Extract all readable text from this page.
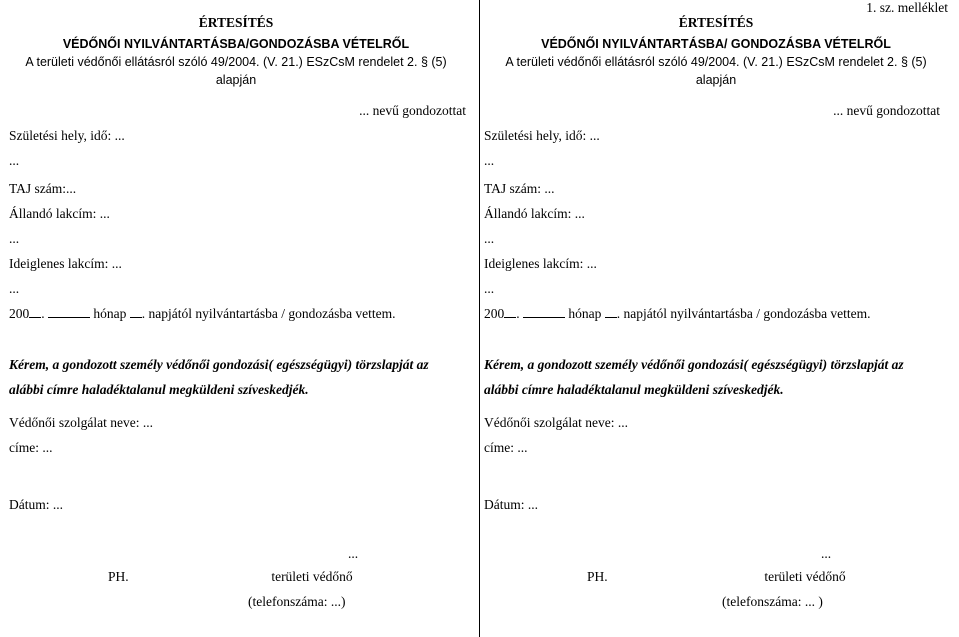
1. sz. melléklet
ÉRTESÍTÉS
VÉDŐNŐI NYILVÁNTARTÁSBA/GONDOZÁSBA VÉTELRŐL
A területi védőnői ellátásról szóló 49/2004. (V. 21.) ESzCsM rendelet 2. § (5)
alapján
... nevű gondozottat
Születési hely, idő: ...
...
TAJ szám:...
Állandó lakcím: ...
...
Ideiglenes lakcím: ...
...
200 .	hónap . napjától nyilvántartásba / gondozásba vettem.
Kérem, a gondozott személy védőnői gondozási( egészségügyi) törzslapját az
alábbi címre haladéktalanul megküldeni szíveskedjék.
Védőnői szolgálat neve: ...
címe: ...
Dátum: ...
...
PH.	területi védőnő
(telefonszáma: ...)
ÉRTESÍTÉS
VÉDŐNŐI NYILVÁNTARTÁSBA/ GONDOZÁSBA VÉTELRŐL
A területi védőnői ellátásról szóló 49/2004. (V. 21.) ESzCsM rendelet 2. § (5)
alapján
... nevű gondozottat
Születési hely, idő: ...
...
TAJ szám: ...
Állandó lakcím: ...
...
Ideiglenes lakcím: ...
...
200 .	hónap . napjától nyilvántartásba / gondozásba vettem.
Kérem, a gondozott személy védőnői gondozási( egészségügyi) törzslapját az
alábbi címre haladéktalanul megküldeni szíveskedjék.
Védőnői szolgálat neve: ...
címe: ...
Dátum: ...
...
PH.	területi védőnő
(telefonszáma: ... )
